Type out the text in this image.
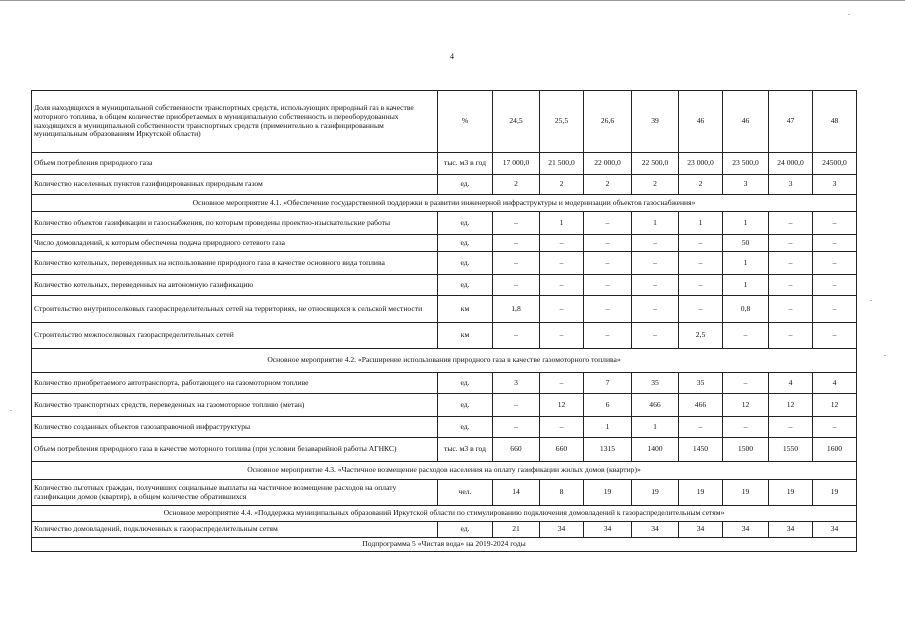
4
Доля находящихся в муниципальной собственности транспортных средств, использующих природный газ в качестве моторного топлива, в общем количестве приобретаемых в муниципальную собственность и переоборудованных находящихся в муниципальной собственности транспортных средств (применительно к газифицированным муниципальным образованиям Иркутской области)	%	24,5	25,5	26,6	39	46	46	47	48
Объем потребления природного газа	тыс. м3 в год	17 000,0	21 500,0	22 000,0	22 500,0	23 000,0	23 500,0	24 000,0	24500,0
Количество населенных пунктов газифицированных природным газом	ед.	2	2	2	2	2	3	3	3
Основное мероприятие 4.1. «Обеспечение государственной поддержки в развитии инженерной инфраструктуры и модернизации объектов газоснабжения»									
Количество объектов газификации и газоснабжения, по которым проведены проектно-изыскательские работы	ед.	–	1	–	1	1	1	–	–
Число домовладений, к которым обеспечена подача природного сетевого газа	ед.	–	–	–	–	–	50	–	–
Количество котельных, переведенных на использование природного газа в качестве основного вида топлива	ед.	–	–	–	–	–	1	–	–
Количество котельных, переведенных на автономную газификацию	ед.	–	–	–	–	–	1	–	–
Строительство внутрипоселковых газораспределительных сетей на территориях, не относящихся к сельской местности	км	1,8	–	–	–	–	0,8	–	–
Строительство межпоселковых газораспределительных сетей	км	–	–	–	–	2,5	–	–	–
Основное мероприятие 4.2. «Расширение использования природного газа в качестве газомоторного топлива»									
Количество приобретаемого автотранспорта, работающего на газомоторном топливе	ед.	3	–	7	35	35	–	4	4
Количество транспортных средств, переведенных на газомоторное топливо (метан)	ед.	–	12	6	466	466	12	12	12
Количество созданных объектов газозаправочной инфраструктуры	ед.	–	–	1	1	–	–	–	–
Объем потребления природного газа в качестве моторного топлива (при условии безаварийной работы АГНКС)	тыс. м3 в год	660	660	1315	1400	1450	1500	1550	1600
Основное мероприятие 4.3. «Частичное возмещение расходов населения на оплату газификации жилых домов (квартир)»									
Количество льготных граждан, получивших социальные выплаты на частичное возмещение расходов на оплату газификации домов (квартир), в общем количестве обратившихся	чел.	14	8	19	19	19	19	19	19
Основное мероприятие 4.4. «Поддержка муниципальных образований Иркутской области по стимулированию подключения домовладений к газораспределительным сетям»									
Количество домовладений, подключенных к газораспределительным сетям	ед.	21	34	34	34	34	34	34	34
Подпрограмма 5 «Чистая вода» на 2019-2024 годы									
